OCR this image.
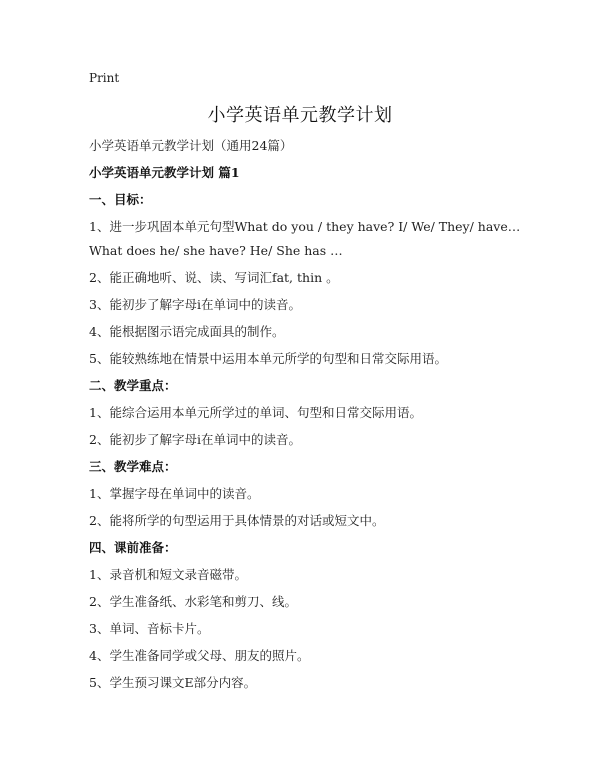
Print
小学英语单元教学计划
小学英语单元教学计划（通用24篇）
小学英语单元教学计划 篇1
一、目标：
1、进一步巩固本单元句型What do you / they have? I/ We/ They/ have…
What does he/ she have? He/ She has …
2、能正确地听、说、读、写词汇fat, thin 。
3、能初步了解字母i在单词中的读音。
4、能根据图示语完成面具的制作。
5、能较熟练地在情景中运用本单元所学的句型和日常交际用语。
二、教学重点：
1、能综合运用本单元所学过的单词、句型和日常交际用语。
2、能初步了解字母i在单词中的读音。
三、教学难点：
1、掌握字母在单词中的读音。
2、能将所学的句型运用于具体情景的对话或短文中。
四、课前准备：
1、录音机和短文录音磁带。
2、学生准备纸、水彩笔和剪刀、线。
3、单词、音标卡片。
4、学生准备同学或父母、朋友的照片。
5、学生预习课文E部分内容。
